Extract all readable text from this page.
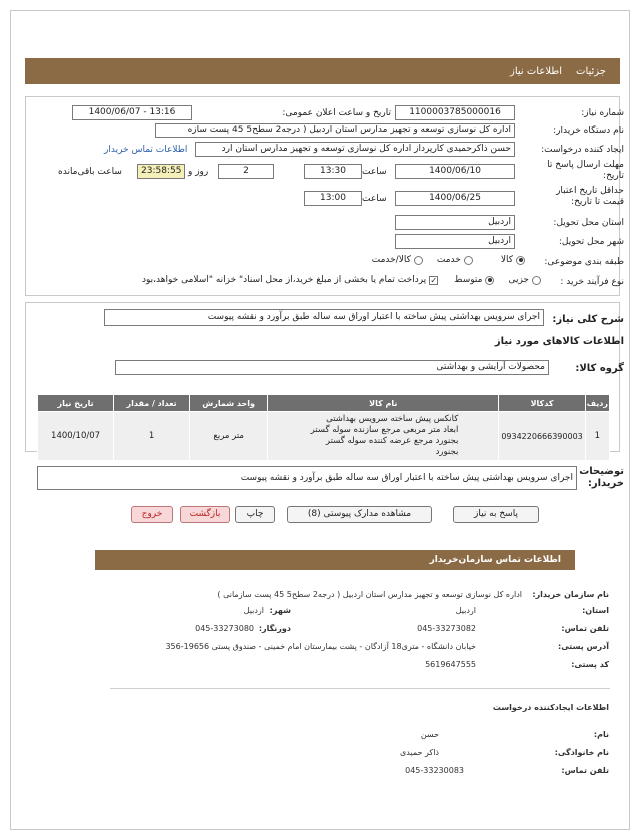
جزئیات
اطلاعات نیاز
شماره نیاز:
1100003785000016
تاریخ و ساعت اعلان عمومی:
1400/06/07 - 13:16
نام دستگاه خریدار:
اداره کل نوسازی توسعه و تجهیز مدارس استان اردبیل ( درجه2 سطح5 45 پست سازه
ایجاد کننده درخواست:
حسن ذاکرحمیدی کارپرداز اداره کل نوسازی توسعه و تجهیز مدارس استان ارد
اطلاعات تماس خریدار
مهلت ارسال پاسخ تا تاریخ:
1400/06/10
ساعت
13:30
2
روز و
23:58:55
ساعت باقی‌مانده
حداقل تاریخ اعتبار قیمت تا تاریخ:
1400/06/25
ساعت
13:00
استان محل تحویل:
اردبیل
شهر محل تحویل:
اردبیل
طبقه بندی موضوعی:
کالا
خدمت
کالا/خدمت
نوع فرآیند خرید :
جزیی
متوسط
✓
پرداخت تمام یا بخشی از مبلغ خرید،از محل اسناد" خزانه "اسلامی خواهد،بود
شرح کلی نیاز:
اجرای سرویس بهداشتی پیش ساخته با اعتبار اوراق سه ساله طبق برآورد و نقشه پیوست
اطلاعات کالاهای مورد نیاز
گروه کالا:
محصولات آرایشی و بهداشتی
ردیف	کدکالا	نام کالا	واحد شمارش	تعداد / مقدار	تاریخ نیاز
1	0934220666390003	کانکس پیش ساخته سرویس بهداشتی ابعاد متر مربعی مرجع سازنده سوله گستر بجنورد مرجع عرضه کننده سوله گستر بجنورد	متر مربع	1	1400/10/07
توضیحات خریدار:
اجرای سرویس بهداشتی پیش ساخته با اعتبار اوراق سه ساله طبق برآورد و نقشه پیوست
پاسخ به نیاز
مشاهده مدارک پیوستی (8)
چاپ
بازگشت
خروج
اطلاعات تماس سازمان‌خریدار
نام سازمان خریدار:
اداره کل نوسازی توسعه و تجهیز مدارس استان اردبیل ( درجه2 سطح5 45 پست سازمانی )
استان:
اردبیل
شهر:
اردبیل
تلفن تماس:
045-33273082
دورنگار:
045-33273080
آدرس پستی:
خیابان دانشگاه - متری18 آزادگان - پشت بیمارستان امام خمینی - صندوق پستی 19656-356
کد پستی:
5619647555
اطلاعات ایجادکننده درخواست
نام:
حسن
نام خانوادگی:
ذاکر حمیدی
تلفن تماس:
045-33230083
